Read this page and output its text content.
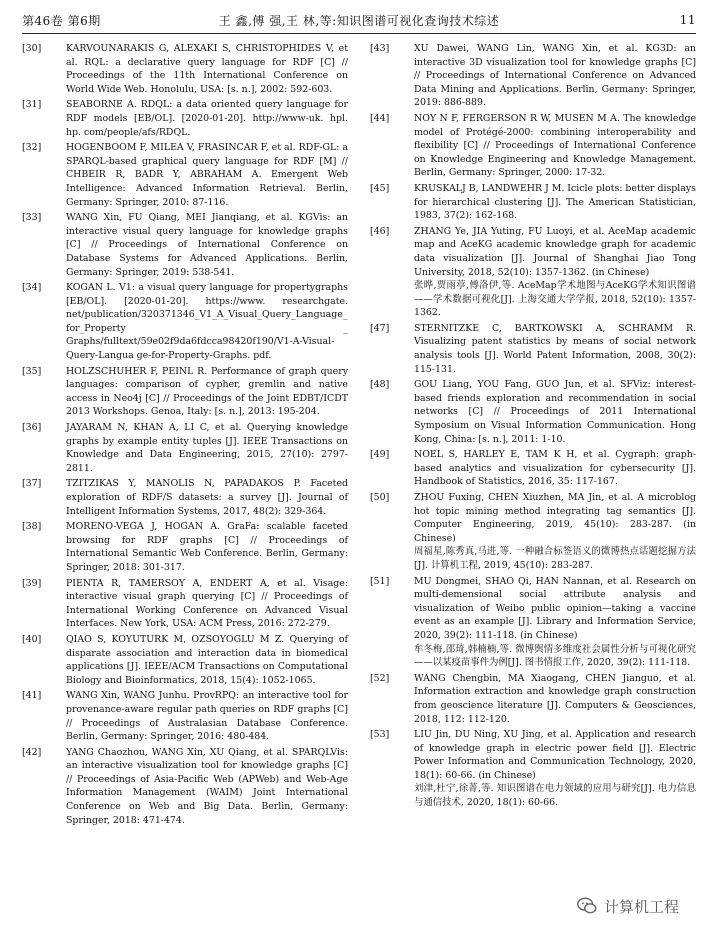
第46卷 第6期	王 鑫,傅 强,王 林,等:知识图谱可视化查询技术综述	11
[30]	KARVOUNARAKIS G, ALEXAKI S, CHRISTOPHIDES V, et al. RQL: a declarative query language for RDF [C] // Proceedings of the 11th International Conference on World Wide Web. Honolulu, USA: [s. n.], 2002: 592-603.
[31]	SEABORNE A. RDQL: a data oriented query language for RDF models [EB/OL]. [2020-01-20]. http://www-uk. hpl. hp. com/people/afs/RDQL.
[32]	HOGENBOOM F, MILEA V, FRASINCAR F, et al. RDF-GL: a SPARQL-based graphical query language for RDF [M] // CHBEIR R, BADR Y, ABRAHAM A. Emergent Web Intelligence: Advanced Information Retrieval. Berlin, Germany: Springer, 2010: 87-116.
[33]	WANG Xin, FU Qiang, MEI Jianqiang, et al. KGVis: an interactive visual query language for knowledge graphs [C] // Proceedings of International Conference on Database Systems for Advanced Applications. Berlin, Germany: Springer, 2019: 538-541.
[34]	KOGAN L. V1: a visual query language for propertygraphs [EB/OL]. [2020-01-20]. https://www. researchgate. net/publication/320371346_V1_A_Visual_Query_Language_for_Property _ Graphs/fulltext/59e02f9da6fdcca98420f190/V1-A-Visual-Query-Langua ge-for-Property-Graphs. pdf.
[35]	HOLZSCHUHER F, PEINL R. Performance of graph query languages: comparison of cypher, gremlin and native access in Neo4j [C] // Proceedings of the Joint EDBT/ICDT 2013 Workshops. Genoa, Italy: [s. n.], 2013: 195-204.
[36]	JAYARAM N, KHAN A, LI C, et al. Querying knowledge graphs by example entity tuples [J]. IEEE Transactions on Knowledge and Data Engineering, 2015, 27(10): 2797-2811.
[37]	TZITZIKAS Y, MANOLIS N, PAPADAKOS P. Faceted exploration of RDF/S datasets: a survey [J]. Journal of Intelligent Information Systems, 2017, 48(2): 329-364.
[38]	MORENO-VEGA J, HOGAN A. GraFa: scalable faceted browsing for RDF graphs [C] // Proceedings of International Semantic Web Conference. Berlin, Germany: Springer, 2018: 301-317.
[39]	PIENTA R, TAMERSOY A, ENDERT A, et al. Visage: interactive visual graph querying [C] // Proceedings of International Working Conference on Advanced Visual Interfaces. New York, USA: ACM Press, 2016: 272-279.
[40]	QIAO S, KOYUTURK M, OZSOYOGLU M Z. Querying of disparate association and interaction data in biomedical applications [J]. IEEE/ACM Transactions on Computational Biology and Bioinformatics, 2018, 15(4): 1052-1065.
[41]	WANG Xin, WANG Junhu. ProvRPQ: an interactive tool for provenance-aware regular path queries on RDF graphs [C] // Proceedings of Australasian Database Conference. Berlin, Germany: Springer, 2016: 480-484.
[42]	YANG Chaozhou, WANG Xin, XU Qiang, et al. SPARQLVis: an interactive visualization tool for knowledge graphs [C] // Proceedings of Asia-Pacific Web (APWeb) and Web-Age Information Management (WAIM) Joint International Conference on Web and Big Data. Berlin, Germany: Springer, 2018: 471-474.
[43]	XU Dawei, WANG Lin, WANG Xin, et al. KG3D: an interactive 3D visualization tool for knowledge graphs [C] // Proceedings of International Conference on Advanced Data Mining and Applications. Berlin, Germany: Springer, 2019: 886-889.
[44]	NOY N F, FERGERSON R W, MUSEN M A. The knowledge model of Protégé-2000: combining interoperability and flexibility [C] // Proceedings of International Conference on Knowledge Engineering and Knowledge Management. Berlin, Germany: Springer, 2000: 17-32.
[45]	KRUSKALJ B, LANDWEHR J M. Icicle plots: better displays for hierarchical clustering [J]. The American Statistician, 1983, 37(2): 162-168.
[46]	ZHANG Ye, JIA Yuting, FU Luoyi, et al. AceMap academic map and AceKG academic knowledge graph for academic data visualization [J]. Journal of Shanghai Jiao Tong University, 2018, 52(10): 1357-1362. (in Chinese)
张晔,贾雨葶,傅洛伊,等. AceMap学术地图与AceKG学术知识图谱——学术数据可视化[J]. 上海交通大学学报, 2018, 52(10): 1357-1362.
[47]	STERNITZKE C, BARTKOWSKI A, SCHRAMM R. Visualizing patent statistics by means of social network analysis tools [J]. World Patent Information, 2008, 30(2): 115-131.
[48]	GOU Liang, YOU Fang, GUO Jun, et al. SFViz: interest-based friends exploration and recommendation in social networks [C] // Proceedings of 2011 International Symposium on Visual Information Communication. Hong Kong, China: [s. n.], 2011: 1-10.
[49]	NOEL S, HARLEY E, TAM K H, et al. Cygraph: graph-based analytics and visualization for cybersecurity [J]. Handbook of Statistics, 2016, 35: 117-167.
[50]	ZHOU Fuxing, CHEN Xiuzhen, MA Jin, et al. A microblog hot topic mining method integrating tag semantics [J]. Computer Engineering, 2019, 45(10): 283-287. (in Chinese)
周福星,陈秀真,马进,等. 一种融合标签语义的微博热点话题挖掘方法[J]. 计算机工程, 2019, 45(10): 283-287.
[51]	MU Dongmei, SHAO Qi, HAN Nannan, et al. Research on multi-demensional social attribute analysis and visualization of Weibo public opinion—taking a vaccine event as an example [J]. Library and Information Service, 2020, 39(2): 111-118. (in Chinese)
牟冬梅,邵琦,韩楠楠,等. 微博舆情多维度社会属性分析与可视化研究——以某疫苗事件为例[J]. 图书情报工作, 2020, 39(2): 111-118.
[52]	WANG Chengbin, MA Xiaogang, CHEN Jianguo, et al. Information extraction and knowledge graph construction from geoscience literature [J]. Computers & Geosciences, 2018, 112: 112-120.
[53]	LIU Jin, DU Ning, XU Jing, et al. Application and research of knowledge graph in electric power field [J]. Electric Power Information and Communication Technology, 2020, 18(1): 60-66. (in Chinese)
刘津,杜宁,徐菁,等. 知识图谱在电力领域的应用与研究[J]. 电力信息与通信技术, 2020, 18(1): 60-66.
计算机工程
